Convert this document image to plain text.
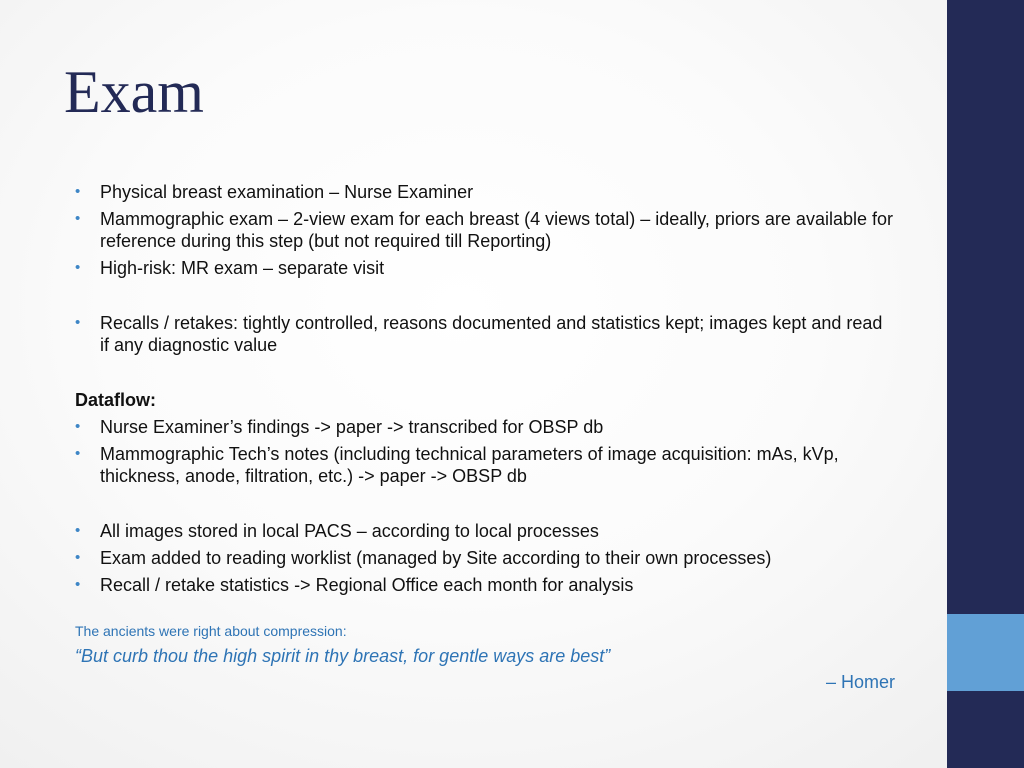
Exam
• Physical breast examination – Nurse Examiner
• Mammographic exam – 2-view exam for each breast (4 views total) – ideally, priors are available for reference during this step (but not required till Reporting)
• High-risk: MR exam – separate visit
• Recalls / retakes: tightly controlled, reasons documented and statistics kept; images kept and read if any diagnostic value

Dataflow:

• Nurse Examiner’s findings -> paper -> transcribed for OBSP db
• Mammographic Tech’s notes (including technical parameters of image acquisition: mAs, kVp, thickness, anode, filtration, etc.) -> paper -> OBSP db
• All images stored in local PACS – according to local processes
• Exam added to reading worklist (managed by Site according to their own processes)
• Recall / retake statistics -> Regional Office each month for analysis
The ancients were right about compression:
“But curb thou the high spirit in thy breast, for gentle ways are best”
– Homer
